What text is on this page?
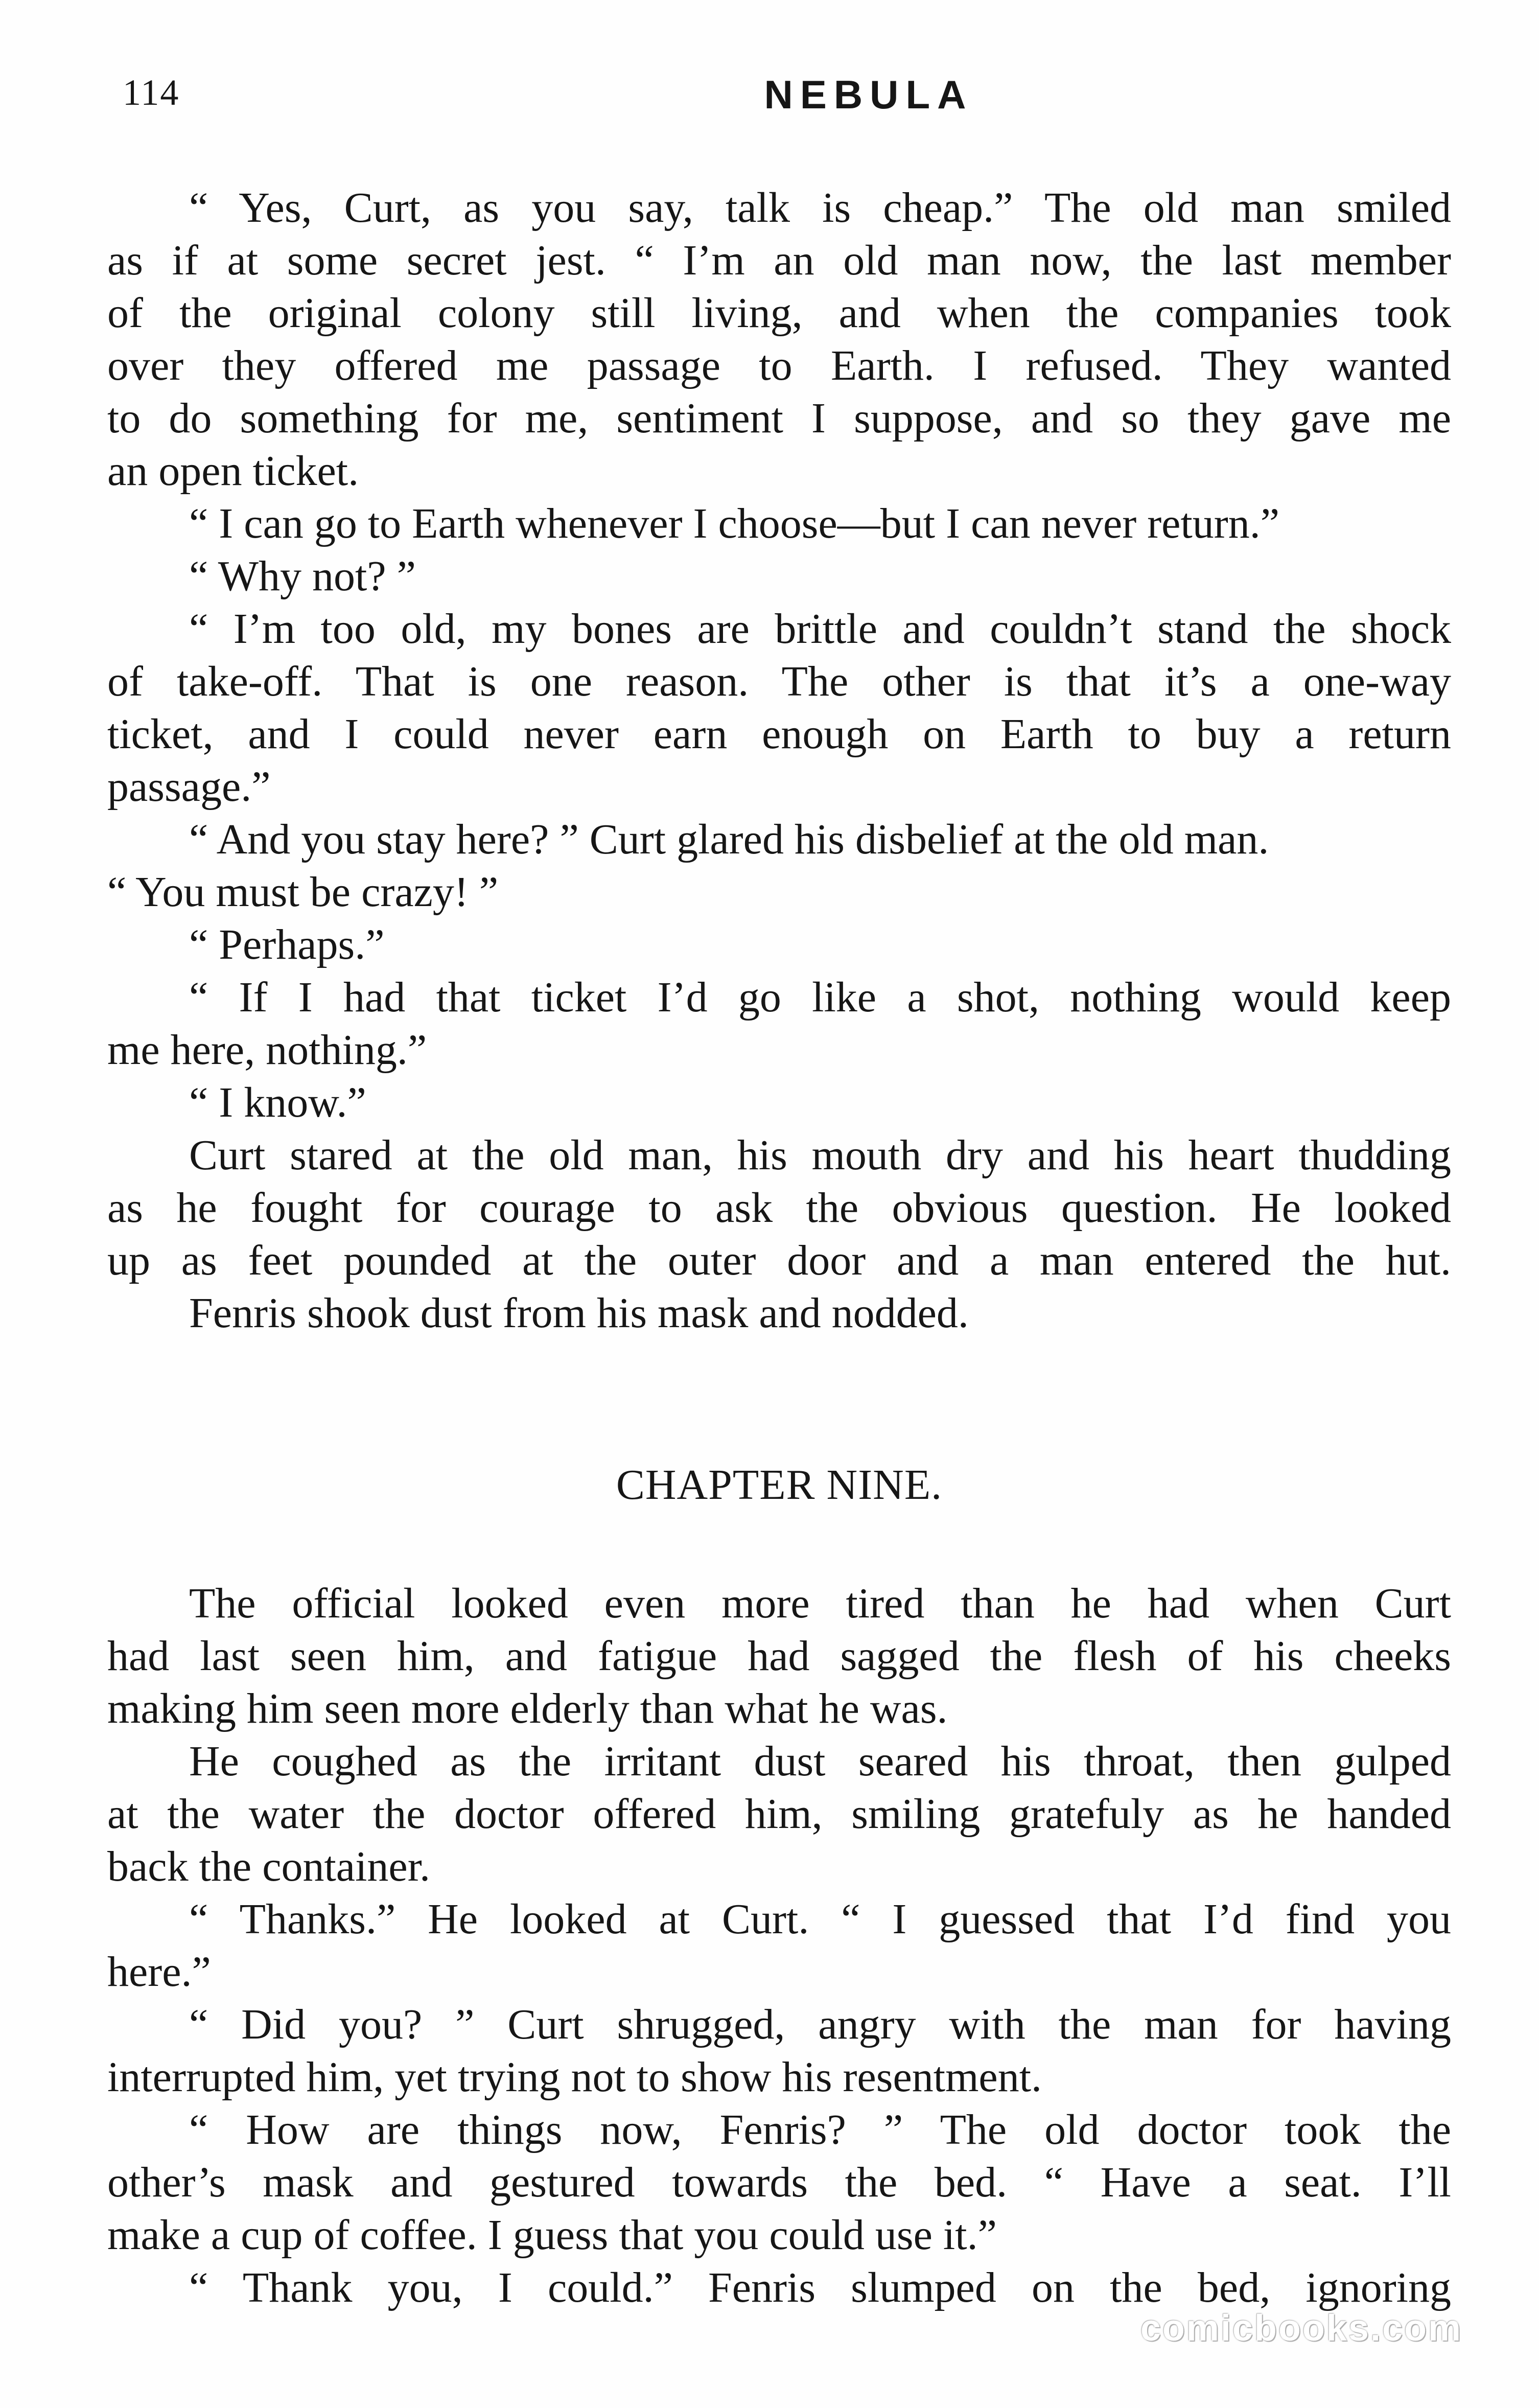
114	NEBULA
“ Yes, Curt, as you say, talk is cheap.” The old man smiled
as if at some secret jest. “ I’m an old man now, the last member
of the original colony still living, and when the companies took
over they offered me passage to Earth. I refused. They wanted
to do something for me, sentiment I suppose, and so they gave me
an open ticket.
“ I can go to Earth whenever I choose—but I can never return.”
“ Why not? ”
“ I’m too old, my bones are brittle and couldn’t stand the shock
of take-off. That is one reason. The other is that it’s a one-way
ticket, and I could never earn enough on Earth to buy a return
passage.”
“ And you stay here? ” Curt glared his disbelief at the old man.
“ You must be crazy! ”
“ Perhaps.”
“ If I had that ticket I’d go like a shot, nothing would keep
me here, nothing.”
“ I know.”
Curt stared at the old man, his mouth dry and his heart thudding
as he fought for courage to ask the obvious question. He looked
up as feet pounded at the outer door and a man entered the hut.
Fenris shook dust from his mask and nodded.
CHAPTER NINE.
The official looked even more tired than he had when Curt
had last seen him, and fatigue had sagged the flesh of his cheeks
making him seen more elderly than what he was.
He coughed as the irritant dust seared his throat, then gulped
at the water the doctor offered him, smiling gratefuly as he handed
back the container.
“ Thanks.” He looked at Curt. “ I guessed that I’d find you
here.”
“ Did you? ” Curt shrugged, angry with the man for having
interrupted him, yet trying not to show his resentment.
“ How are things now, Fenris? ” The old doctor took the
other’s mask and gestured towards the bed. “ Have a seat. I’ll
make a cup of coffee. I guess that you could use it.”
“ Thank you, I could.” Fenris slumped on the bed, ignoring
comicbooks.com
